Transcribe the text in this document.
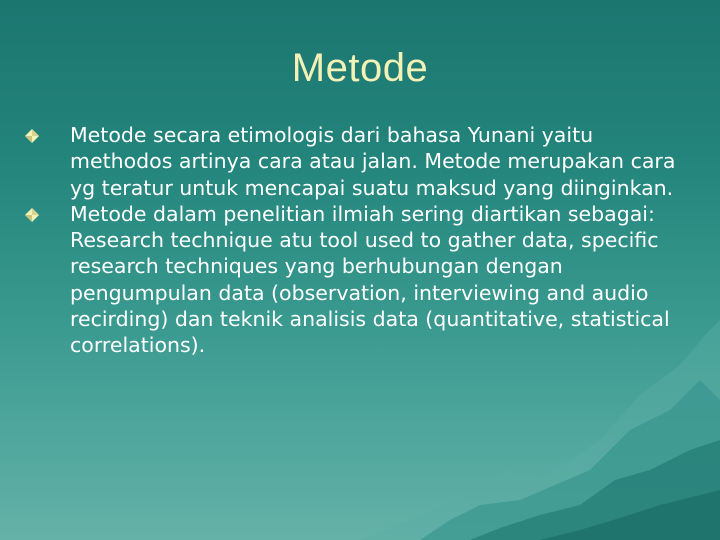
Metode
Metode secara etimologis dari bahasa Yunani yaitu methodos artinya cara atau jalan. Metode merupakan cara yg teratur untuk mencapai suatu maksud yang diinginkan.
Metode dalam penelitian ilmiah sering diartikan sebagai: Research technique atu tool used to gather data, specific research techniques yang berhubungan dengan pengumpulan data (observation, interviewing and audio recirding) dan teknik analisis data (quantitative, statistical correlations).
